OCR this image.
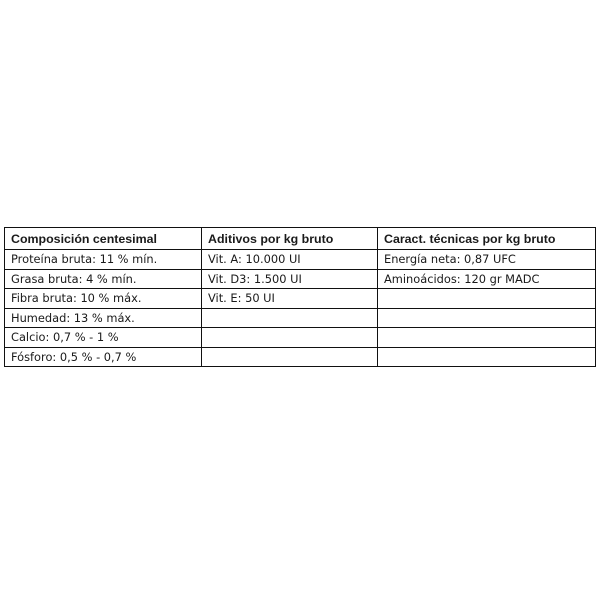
Composición centesimal	Aditivos por kg bruto	Caract. técnicas por kg bruto
Proteína bruta: 11 % mín.	Vit. A: 10.000 UI	Energía neta: 0,87 UFC
Grasa bruta: 4 % mín.	Vit. D3: 1.500 UI	Aminoácidos: 120 gr MADC
Fibra bruta: 10 % máx.	Vit. E: 50 UI	
Humedad: 13 % máx.		
Calcio: 0,7 % - 1 %		
Fósforo: 0,5 % - 0,7 %		
